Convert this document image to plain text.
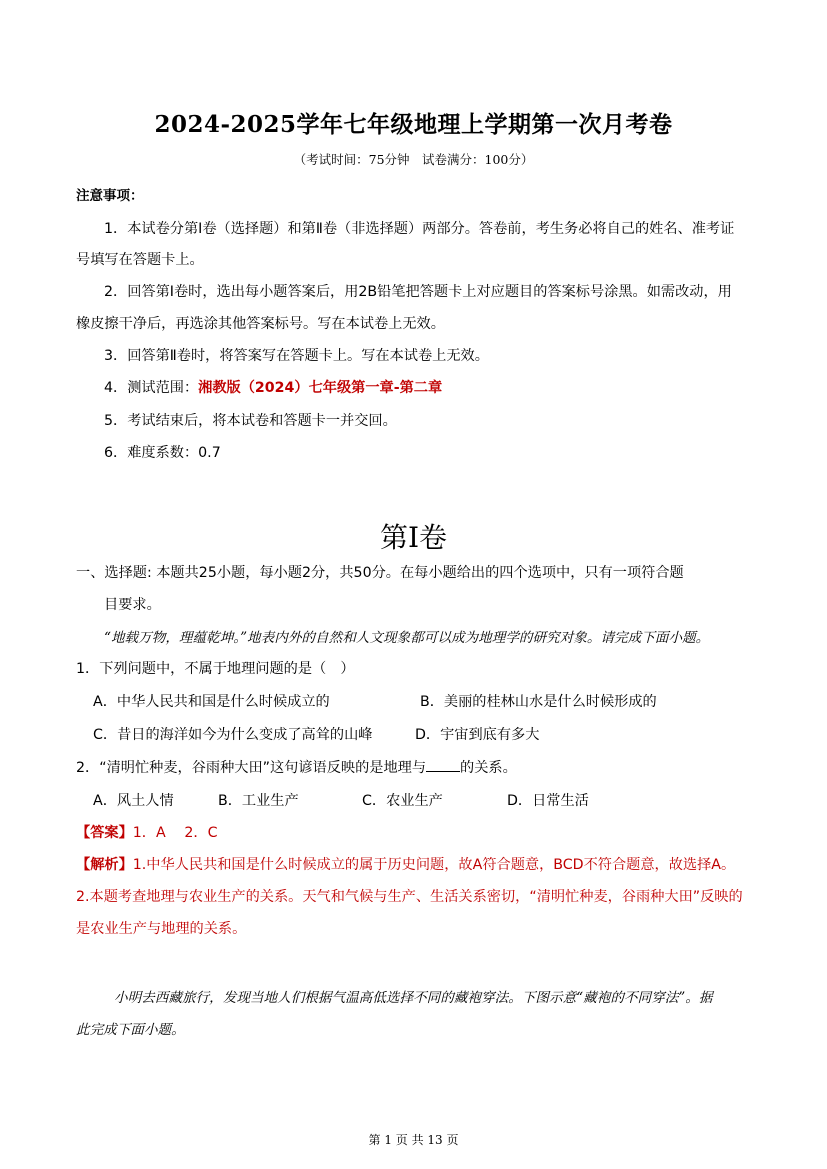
2024-2025学年七年级地理上学期第一次月考卷
（考试时间：75分钟　试卷满分：100分）
注意事项：
1．本试卷分第Ⅰ卷（选择题）和第Ⅱ卷（非选择题）两部分。答卷前，考生务必将自己的姓名、准考证
号填写在答题卡上。
2．回答第Ⅰ卷时，选出每小题答案后，用2B铅笔把答题卡上对应题目的答案标号涂黑。如需改动，用
橡皮擦干净后，再选涂其他答案标号。写在本试卷上无效。
3．回答第Ⅱ卷时，将答案写在答题卡上。写在本试卷上无效。
4．测试范围：湘教版（2024）七年级第一章-第二章
5．考试结束后，将本试卷和答题卡一并交回。
6．难度系数：0.7
第Ⅰ卷
一、选择题: 本题共25小题，每小题2分，共50分。在每小题给出的四个选项中，只有一项符合题
目要求。
“地载万物，理蕴乾坤。”地表内外的自然和人文现象都可以成为地理学的研究对象。请完成下面小题。
1．下列问题中，不属于地理问题的是（　）
A．中华人民共和国是什么时候成立的	B．美丽的桂林山水是什么时候形成的
C．昔日的海洋如今为什么变成了高耸的山峰	D．宇宙到底有多大
2．“清明忙种麦，谷雨种大田”这句谚语反映的是地理与 的关系。
A．风土人情	B．工业生产	C．农业生产	D．日常生活
【答案】1．A　 2．C
【解析】1.中华人民共和国是什么时候成立的属于历史问题，故A符合题意，BCD不符合题意，故选择A。
2.本题考查地理与农业生产的关系。天气和气候与生产、生活关系密切，“清明忙种麦，谷雨种大田”反映的
是农业生产与地理的关系。
小明去西藏旅行，发现当地人们根据气温高低选择不同的藏袍穿法。下图示意“藏袍的不同穿法”。据
此完成下面小题。
第 1 页 共 13 页
